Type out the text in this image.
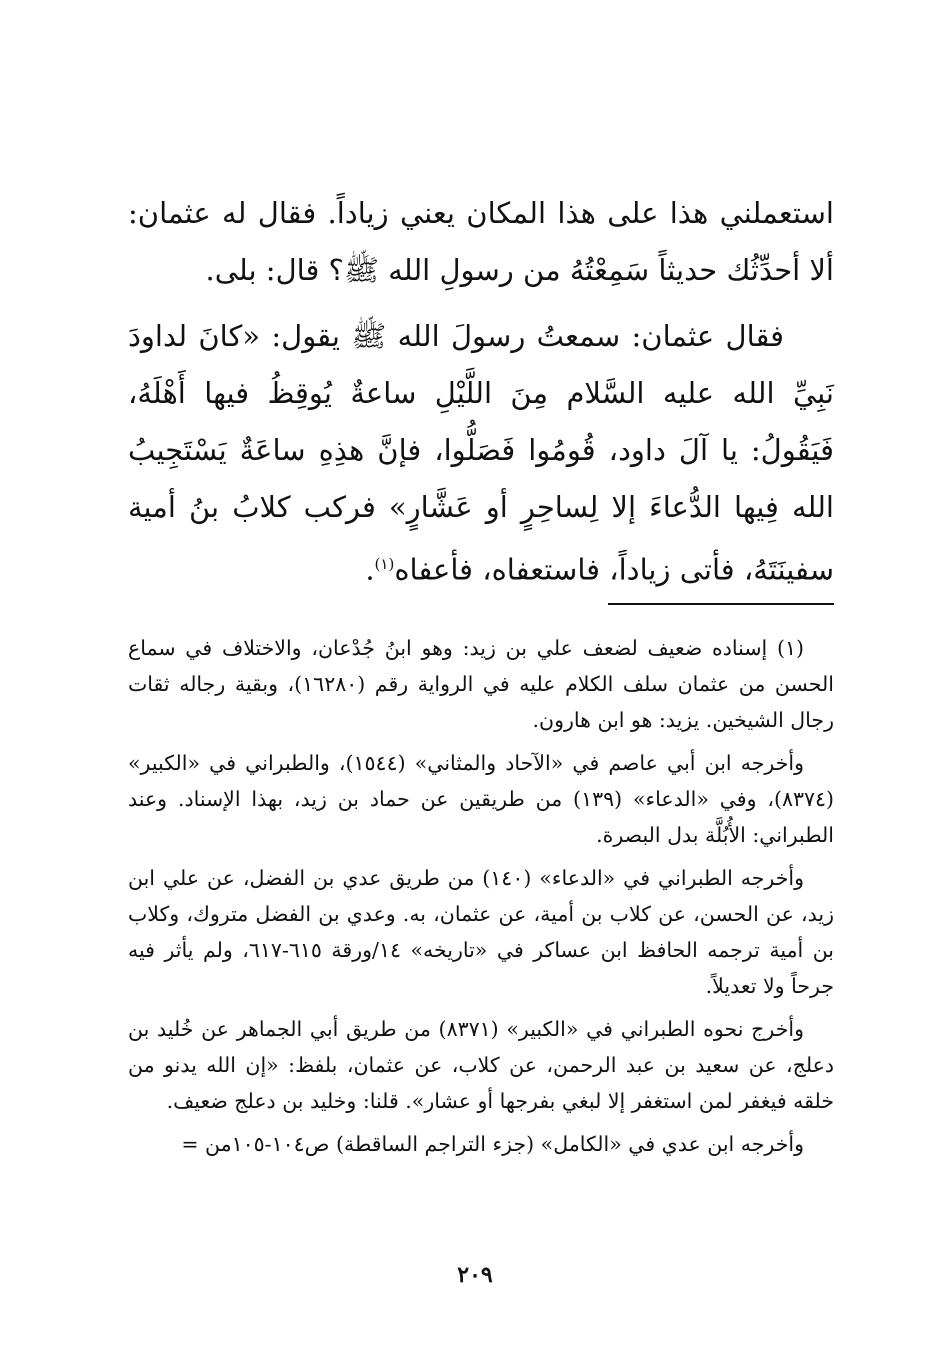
استعملني هذا على هذا المكان يعني زياداً. فقال له عثمان: ألا أحدِّثُك حديثاً سَمِعْتُهُ من رسولِ الله ﷺ؟ قال: بلى.

فقال عثمان: سمعتُ رسولَ الله ﷺ يقول: «كانَ لداودَ نَبِيِّ الله عليه السَّلام مِنَ اللَّيْلِ ساعةٌ يُوقِظُ فيها أَهْلَهُ، فَيَقُولُ: يا آلَ داود، قُومُوا فَصَلُّوا، فإنَّ هذِهِ ساعَةٌ يَسْتَجِيبُ الله فِيها الدُّعاءَ إلا لِساحِرٍ أو عَشَّارٍ» فركب كلابُ بنُ أمية سفينَتَهُ، فأتى زياداً، فاستعفاه، فأعفاه$^{(١)}$.

(١) إسناده ضعيف لضعف علي بن زيد: وهو ابنُ جُدْعان، والاختلاف في سماع الحسن من عثمان سلف الكلام عليه في الرواية رقم (١٦٢٨٠)، وبقية رجاله ثقات رجال الشيخين. يزيد: هو ابن هارون.

وأخرجه ابن أبي عاصم في «الآحاد والمثاني» (١٥٤٤)، والطبراني في «الكبير» (٨٣٧٤)، وفي «الدعاء» (١٣٩) من طريقين عن حماد بن زيد، بهذا الإسناد. وعند الطبراني: الأُبُلَّة بدل البصرة.

وأخرجه الطبراني في «الدعاء» (١٤٠) من طريق عدي بن الفضل، عن علي ابن زيد، عن الحسن، عن كلاب بن أمية، عن عثمان، به. وعدي بن الفضل متروك، وكلاب بن أمية ترجمه الحافظ ابن عساكر في «تاريخه» ١٤/ورقة ٦١٥-٦١٧، ولم يأثر فيه جرحاً ولا تعديلاً.

وأخرج نحوه الطبراني في «الكبير» (٨٣٧١) من طريق أبي الجماهر عن خُليد بن دعلج، عن سعيد بن عبد الرحمن، عن كلاب، عن عثمان، بلفظ: «إن الله يدنو من خلقه فيغفر لمن استغفر إلا لبغي بفرجها أو عشار». قلنا: وخليد بن دعلج ضعيف.

وأخرجه ابن عدي في «الكامل» (جزء التراجم الساقطة) ص١٠٤-١٠٥من =

٢٠٩
